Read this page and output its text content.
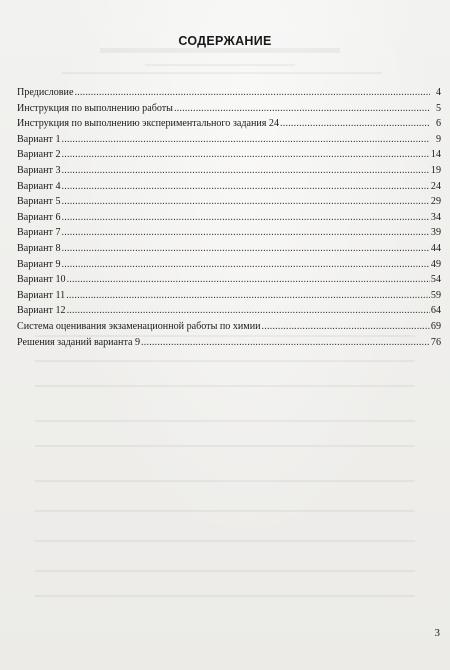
СОДЕРЖАНИЕ
Предисловие .....	4
Инструкция по выполнению работы .....	5
Инструкция по выполнению экспериментального задания 24 .....	6
Вариант 1 .....	9
Вариант 2 .....	14
Вариант 3 .....	19
Вариант 4 .....	24
Вариант 5 .....	29
Вариант 6 .....	34
Вариант 7 .....	39
Вариант 8 .....	44
Вариант 9 .....	49
Вариант 10 .....	54
Вариант 11 .....	59
Вариант 12 .....	64
Система оценивания экзаменационной работы по химии .....	69
Решения заданий варианта 9 .....	76
3
